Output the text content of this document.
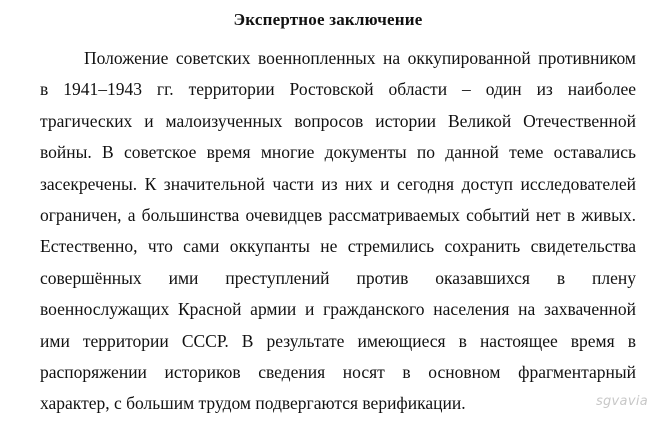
Экспертное заключение
Положение советских военнопленных на оккупированной противником
в 1941–1943 гг. территории Ростовской области – один из наиболее
трагических и малоизученных вопросов истории Великой Отечественной
войны. В советское время многие документы по данной теме оставались
засекречены. К значительной части из них и сегодня доступ исследователей
ограничен, а большинства очевидцев рассматриваемых событий нет в живых.
Естественно, что сами оккупанты не стремились сохранить свидетельства
совершённых ими преступлений против оказавшихся в плену
военнослужащих Красной армии и гражданского населения на захваченной
ими территории СССР. В результате имеющиеся в настоящее время в
распоряжении историков сведения носят в основном фрагментарный
характер, с большим трудом подвергаются верификации.	sgvavia
